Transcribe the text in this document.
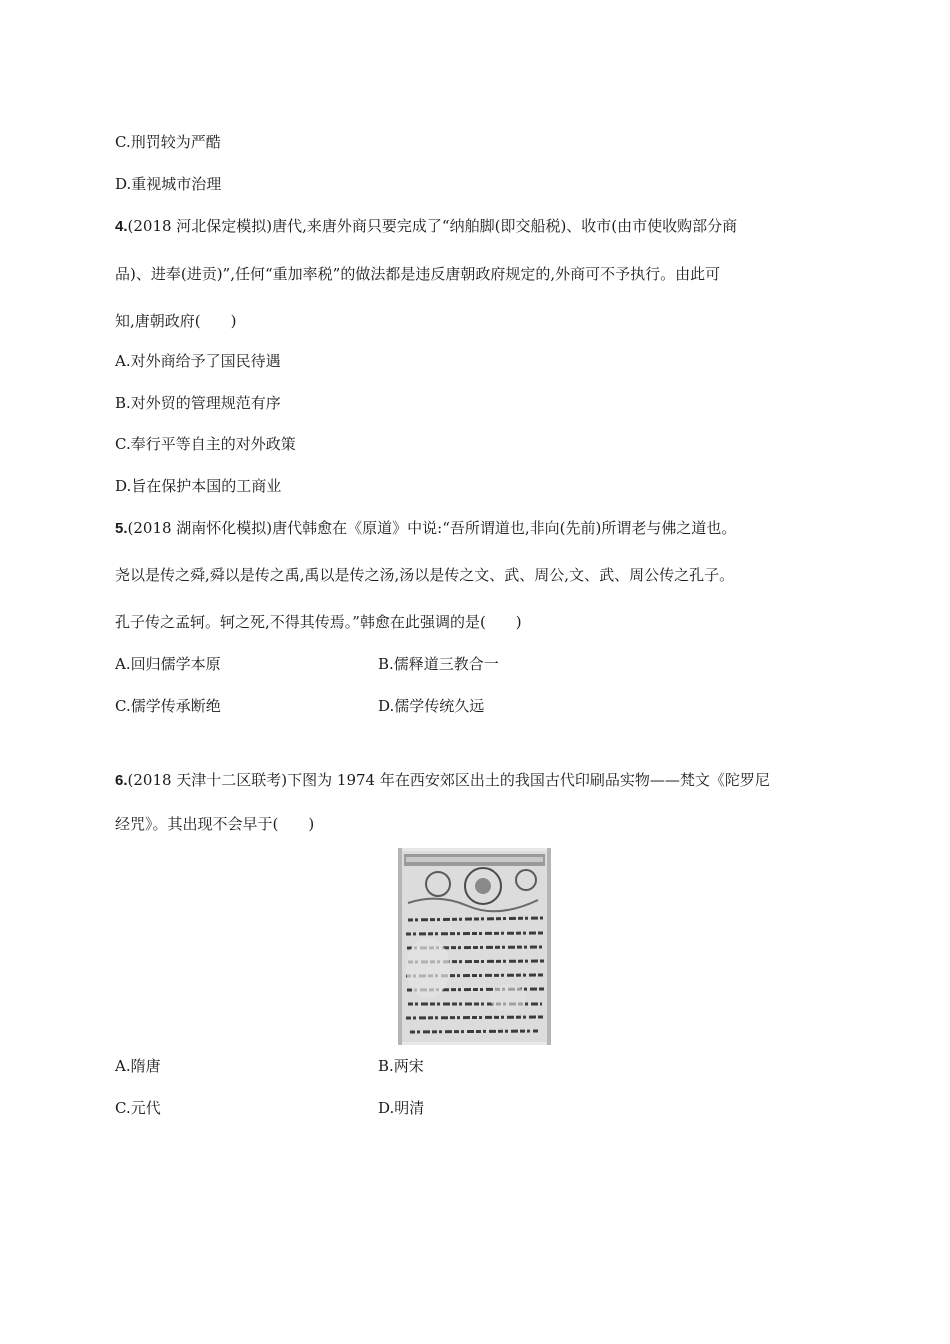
C.刑罚较为严酷
D.重视城市治理
4.(2018 河北保定模拟)唐代,来唐外商只要完成了“纳舶脚(即交船税)、收市(由市使收购部分商
品)、进奉(进贡)”,任何“重加率税”的做法都是违反唐朝政府规定的,外商可不予执行。由此可
知,唐朝政府(　　)
A.对外商给予了国民待遇
B.对外贸的管理规范有序
C.奉行平等自主的对外政策
D.旨在保护本国的工商业
5.(2018 湖南怀化模拟)唐代韩愈在《原道》中说:“吾所谓道也,非向(先前)所谓老与佛之道也。
尧以是传之舜,舜以是传之禹,禹以是传之汤,汤以是传之文、武、周公,文、武、周公传之孔子。
孔子传之孟轲。轲之死,不得其传焉。”韩愈在此强调的是(　　)
A.回归儒学本原	B.儒释道三教合一
C.儒学传承断绝	D.儒学传统久远
6.(2018 天津十二区联考)下图为 1974 年在西安郊区出土的我国古代印刷品实物——梵文《陀罗尼
经咒》。其出现不会早于(　　)
A.隋唐	B.两宋
C.元代	D.明清
